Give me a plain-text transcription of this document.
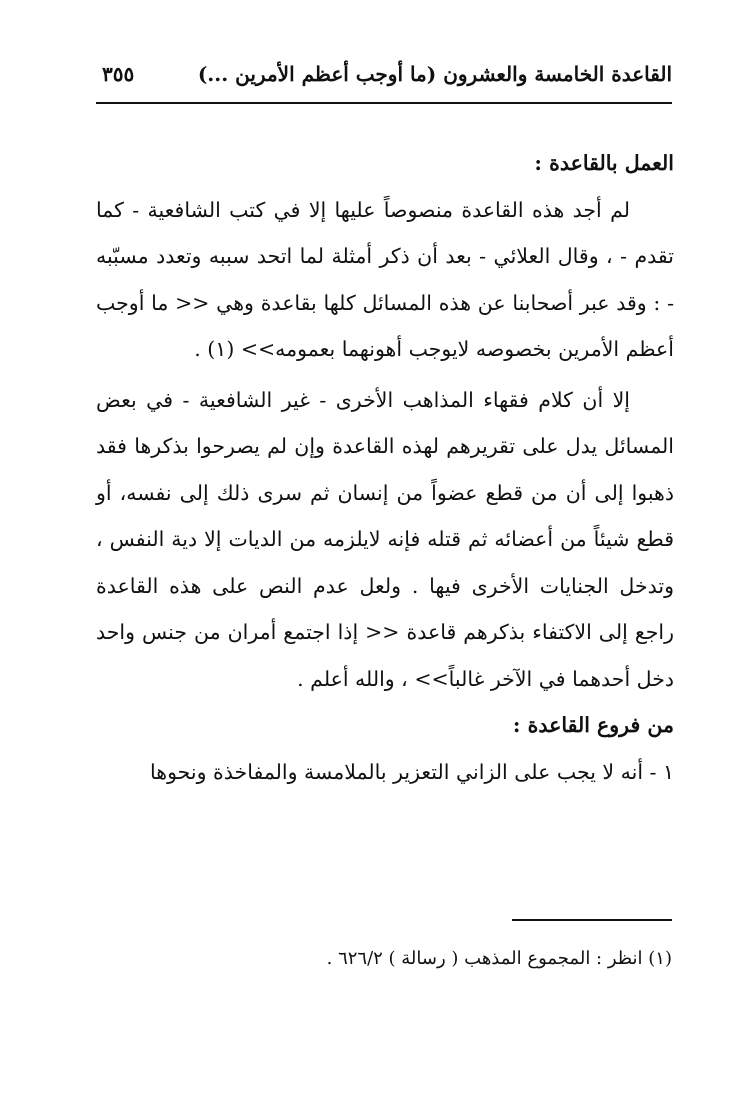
القاعدة الخامسة والعشرون (ما أوجب أعظم الأمرين ...)
٣٥٥

العمل بالقاعدة :

لم أجد هذه القاعدة منصوصاً عليها إلا في كتب الشافعية - كما تقدم - ، وقال العلائي - بعد أن ذكر أمثلة لما اتحد سببه وتعدد مسبّبه - : وقد عبر أصحابنا عن هذه المسائل كلها بقاعدة وهي << ما أوجب أعظم الأمرين بخصوصه لايوجب أهونهما بعمومه>> (١) .

إلا أن كلام فقهاء المذاهب الأخرى - غير الشافعية - في بعض المسائل يدل على تقريرهم لهذه القاعدة وإن لم يصرحوا بذكرها فقد ذهبوا إلى أن من قطع عضواً من إنسان ثم سرى ذلك إلى نفسه، أو قطع شيئاً من أعضائه ثم قتله فإنه لايلزمه من الديات إلا دية النفس ، وتدخل الجنايات الأخرى فيها . ولعل عدم النص على هذه القاعدة راجع إلى الاكتفاء بذكرهم قاعدة << إذا اجتمع أمران من جنس واحد دخل أحدهما في الآخر غالباً>> ، والله أعلم .

من فروع القاعدة :

١ - أنه لا يجب على الزاني التعزير بالملامسة والمفاخذة ونحوها

(١) انظر : المجموع المذهب ( رسالة ) ٦٢٦/٢ .
